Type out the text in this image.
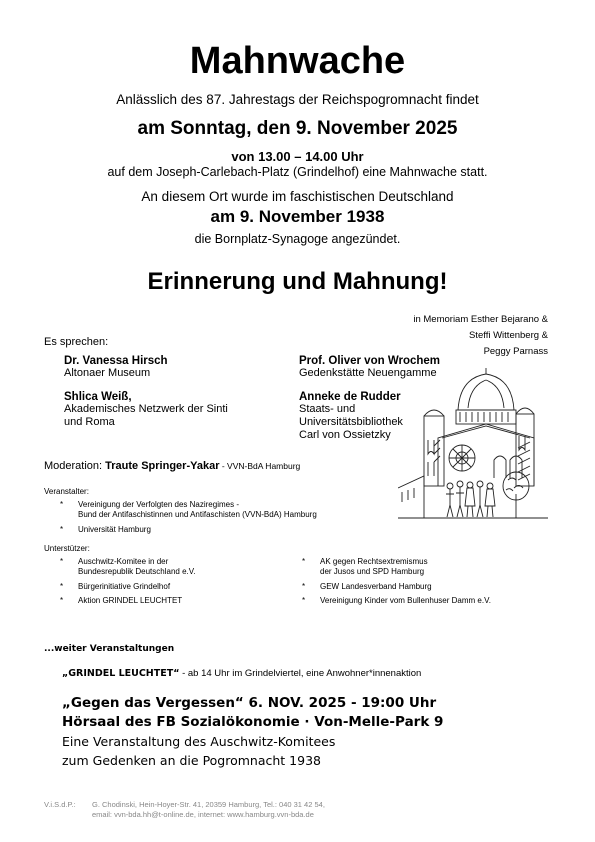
Mahnwache
Anlässlich des 87. Jahrestags der Reichspogromnacht findet
am Sonntag, den 9. November 2025
von 13.00 – 14.00 Uhr
auf dem Joseph-Carlebach-Platz (Grindelhof) eine Mahnwache statt.
An diesem Ort wurde im faschistischen Deutschland
am 9. November 1938
die Bornplatz-Synagoge angezündet.
Erinnerung und Mahnung!
in Memoriam Esther Bejarano &
Steffi Wittenberg &
Peggy Parnass
Es sprechen:
Dr. Vanessa Hirsch
Altonaer Museum
Prof. Oliver von Wrochem
Gedenkstätte Neuengamme
Shlica Weiß,
Akademisches Netzwerk der Sinti
und Roma
Anneke de Rudder
Staats- und
Universitätsbibliothek
Carl von Ossietzky
Moderation: Traute Springer-Yakar - VVN-BdA Hamburg
Veranstalter:
* Vereinigung der Verfolgten des Naziregimes -
Bund der Antifaschistinnen und Antifaschisten (VVN-BdA) Hamburg
* Universität Hamburg
Unterstützer:
* Auschwitz-Komitee in der
Bundesrepublik Deutschland e.V.
* Bürgerinitiative Grindelhof
* Aktion GRINDEL LEUCHTET
* AK gegen Rechtsextremismus
der Jusos und SPD Hamburg
* GEW Landesverband Hamburg
* Vereinigung Kinder vom Bullenhuser Damm e.V.
...weiter Veranstaltungen
„GRINDEL LEUCHTET“ - ab 14 Uhr im Grindelviertel, eine Anwohner*innenaktion
„Gegen das Vergessen“ 6. NOV. 2025 - 19:00 Uhr
Hörsaal des FB Sozialökonomie · Von-Melle-Park 9
Eine Veranstaltung des Auschwitz-Komitees
zum Gedenken an die Pogromnacht 1938
V.i.S.d.P.: G. Chodinski, Hein-Hoyer-Str. 41, 20359 Hamburg, Tel.: 040 31 42 54,
email: vvn-bda.hh@t-online.de, internet: www.hamburg.vvn-bda.de
